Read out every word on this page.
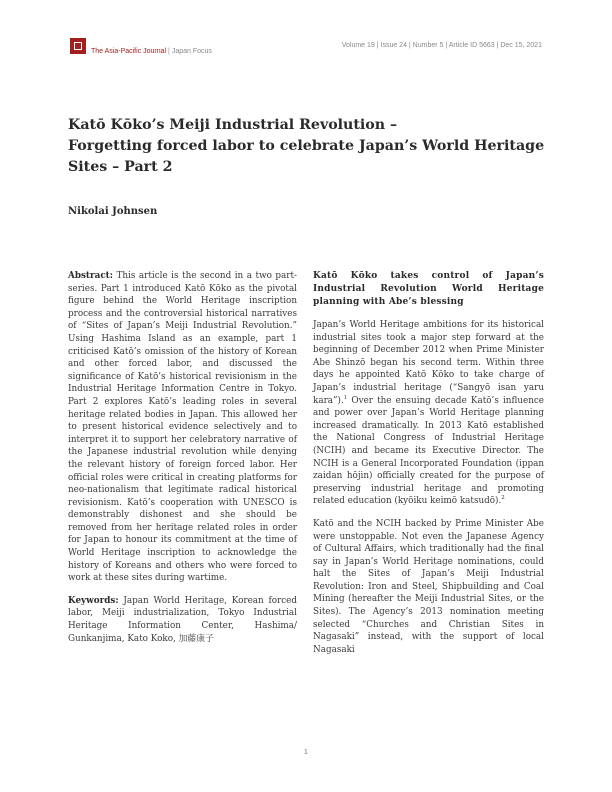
The Asia-Pacific Journal | Japan Focus
Volume 19 | Issue 24 | Number 5 | Article ID 5663 | Dec 15, 2021
Katō Kōko’s Meiji Industrial Revolution –
Forgetting forced labor to celebrate Japan’s World Heritage
Sites – Part 2

Nikolai Johnsen

Abstract: This article is the second in a two part-series. Part 1 introduced Katō Kōko as the pivotal figure behind the World Heritage inscription process and the controversial historical narratives of “Sites of Japan’s Meiji Industrial Revolution.” Using Hashima Island as an example, part 1 criticised Katō’s omission of the history of Korean and other forced labor, and discussed the significance of Katō’s historical revisionism in the Industrial Heritage Information Centre in Tokyo. Part 2 explores Katō’s leading roles in several heritage related bodies in Japan. This allowed her to present historical evidence selectively and to interpret it to support her celebratory narrative of the Japanese industrial revolution while denying the relevant history of foreign forced labor. Her official roles were critical in creating platforms for neo-nationalism that legitimate radical historical revisionism. Katō’s cooperation with UNESCO is demonstrably dishonest and she should be removed from her heritage related roles in order for Japan to honour its commitment at the time of World Heritage inscription to acknowledge the history of Koreans and others who were forced to work at these sites during wartime.

Keywords: Japan World Heritage, Korean forced labor, Meiji industrialization, Tokyo Industrial Heritage Information Center, Hashima/ Gunkanjima, Kato Koko, 加藤康子

Katō Kōko takes control of Japan’s Industrial Revolution World Heritage planning with Abe’s blessing

Japan’s World Heritage ambitions for its historical industrial sites took a major step forward at the beginning of December 2012 when Prime Minister Abe Shinzō began his second term. Within three days he appointed Katō Kōko to take charge of Japan’s industrial heritage (“Sangyō isan yaru kara”).$^1$ Over the ensuing decade Katō’s influence and power over Japan’s World Heritage planning increased dramatically. In 2013 Katō established the National Congress of Industrial Heritage (NCIH) and became its Executive Director. The NCIH is a General Incorporated Foundation (ippan zaidan hōjin) officially created for the purpose of preserving industrial heritage and promoting related education (kyōiku keimō katsudō).$^2$

Katō and the NCIH backed by Prime Minister Abe were unstoppable. Not even the Japanese Agency of Cultural Affairs, which traditionally had the final say in Japan’s World Heritage nominations, could halt the Sites of Japan’s Meiji Industrial Revolution: Iron and Steel, Shipbuilding and Coal Mining (hereafter the Meiji Industrial Sites, or the Sites). The Agency’s 2013 nomination meeting selected “Churches and Christian Sites in Nagasaki” instead, with the support of local Nagasaki

1
